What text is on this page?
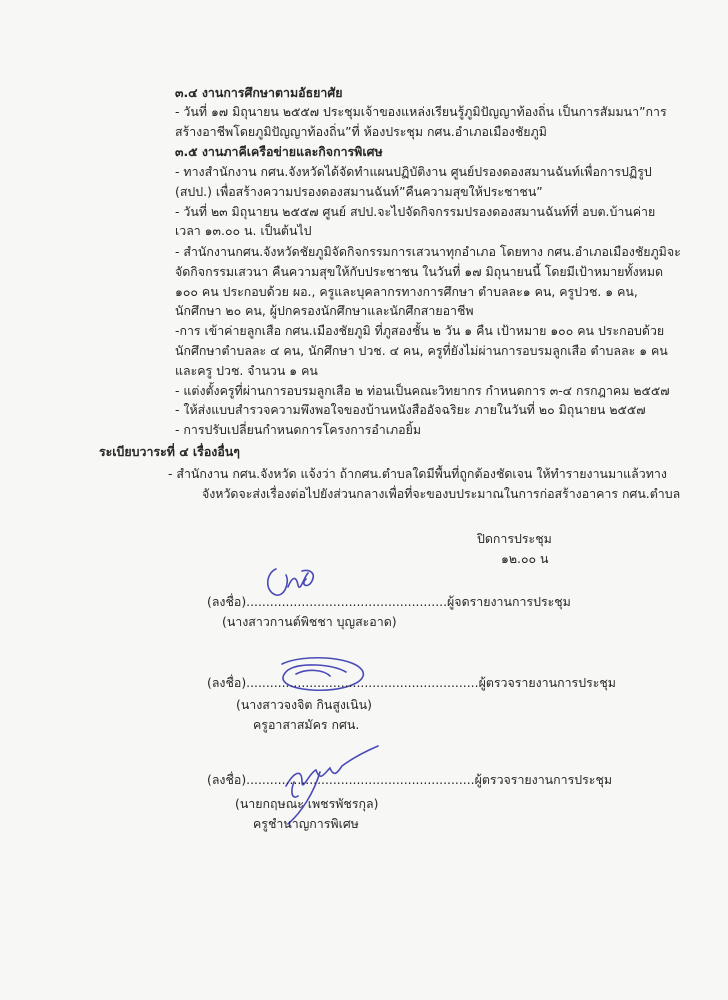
๓.๔ งานการศึกษาตามอัธยาศัย
- วันที่ ๑๗ มิถุนายน ๒๕๕๗ ประชุมเจ้าของแหล่งเรียนรู้ภูมิปัญญาท้องถิ่น เป็นการสัมมนา”การ
สร้างอาชีพโดยภูมิปัญญาท้องถิ่น”ที่ ห้องประชุม กศน.อำเภอเมืองชัยภูมิ
๓.๕ งานภาคีเครือข่ายและกิจการพิเศษ
- ทางสำนักงาน กศน.จังหวัดได้จัดทำแผนปฏิบัติงาน ศูนย์ปรองดองสมานฉันท์เพื่อการปฏิรูป
(สปป.) เพื่อสร้างความปรองดองสมานฉันท์”คืนความสุขให้ประชาชน”
- วันที่ ๒๓ มิถุนายน ๒๕๕๗ ศูนย์ สปป.จะไปจัดกิจกรรมปรองดองสมานฉันท์ที่ อบต.บ้านค่าย
เวลา ๑๓.๐๐ น. เป็นต้นไป
- สำนักงานกศน.จังหวัดชัยภูมิจัดกิจกรรมการเสวนาทุกอำเภอ โดยทาง กศน.อำเภอเมืองชัยภูมิจะ
จัดกิจกรรมเสวนา คืนความสุขให้กับประชาชน ในวันที่ ๑๗ มิถุนายนนี้ โดยมีเป้าหมายทั้งหมด
๑๐๐ คน ประกอบด้วย ผอ., ครูและบุคลากรทางการศึกษา ตำบลละ๑ คน, ครูปวช. ๑ คน,
นักศึกษา ๒๐ คน, ผู้ปกครองนักศึกษาและนักศึกสายอาชีพ
-การ เข้าค่ายลูกเสือ กศน.เมืองชัยภูมิ ที่ภูสองชั้น ๒ วัน ๑ คืน เป้าหมาย ๑๐๐ คน ประกอบด้วย
นักศึกษาตำบลละ ๔ คน, นักศึกษา ปวช. ๔ คน, ครูที่ยังไม่ผ่านการอบรมลูกเสือ ตำบลละ ๑ คน
และครู ปวช. จำนวน ๑ คน
- แต่งตั้งครูที่ผ่านการอบรมลูกเสือ ๒ ท่อนเป็นคณะวิทยากร กำหนดการ ๓-๔ กรกฎาคม ๒๕๕๗
- ให้ส่งแบบสำรวจความพึงพอใจของบ้านหนังสืออัจฉริยะ ภายในวันที่ ๒๐ มิถุนายน ๒๕๕๗
- การปรับเปลี่ยนกำหนดการโครงการอำเภอยิ้ม
ระเบียบวาระที่ ๔ เรื่องอื่นๆ
- สำนักงาน กศน.จังหวัด แจ้งว่า ถ้ากศน.ตำบลใดมีพื้นที่ถูกต้องชัดเจน ให้ทำรายงานมาแล้วทาง
จังหวัดจะส่งเรื่องต่อไปยังส่วนกลางเพื่อที่จะของบประมาณในการก่อสร้างอาคาร กศน.ตำบล
ปิดการประชุม
๑๒.๐๐ น
(ลงชื่อ)...................................................ผู้จดรายงานการประชุม
(นางสาวกานต์พิชชา บุญสะอาด)
(ลงชื่อ)...........................................................ผู้ตรวจรายงานการประชุม
(นางสาวจงจิต กินสูงเนิน)
ครูอาสาสมัคร กศน.
(ลงชื่อ)..........................................................ผู้ตรวจรายงานการประชุม
(นายกฤษณะ เพชรพัชรกุล)
ครูชำนาญการพิเศษ
